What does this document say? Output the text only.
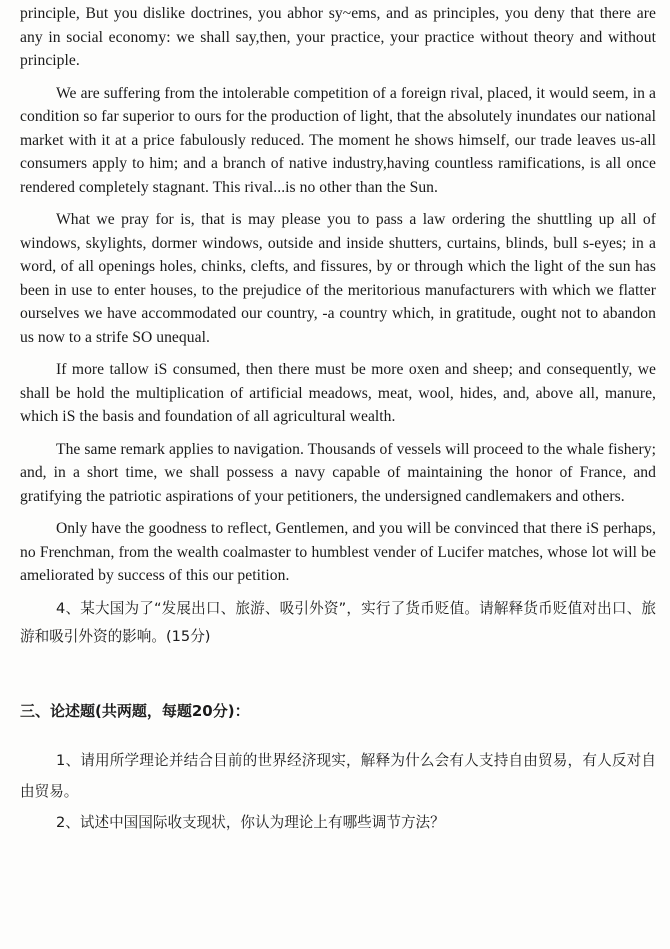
principle, But you dislike doctrines, you abhor sy~ems, and as principles, you deny that there are any in social economy: we shall say,then, your practice, your practice without theory and without principle.

We are suffering from the intolerable competition of a foreign rival, placed, it would seem, in a condition so far superior to ours for the production of light, that the absolutely inundates our national market with it at a price fabulously reduced. The moment he shows himself, our trade leaves us-all consumers apply to him; and a branch of native industry,having countless ramifications, is all once rendered completely stagnant. This rival...is no other than the Sun.

What we pray for is, that is may please you to pass a law ordering the shuttling up all of windows, skylights, dormer windows, outside and inside shutters, curtains, blinds, bull s-eyes; in a word, of all openings holes, chinks, clefts, and fissures, by or through which the light of the sun has been in use to enter houses, to the prejudice of the meritorious manufacturers with which we flatter ourselves we have accommodated our country, -a country which, in gratitude, ought not to abandon us now to a strife SO unequal.

If more tallow iS consumed, then there must be more oxen and sheep; and consequently, we shall be hold the multiplication of artificial meadows, meat, wool, hides, and, above all, manure, which iS the basis and foundation of all agricultural wealth.

The same remark applies to navigation. Thousands of vessels will proceed to the whale fishery; and, in a short time, we shall possess a navy capable of maintaining the honor of France, and gratifying the patriotic aspirations of your petitioners, the undersigned candlemakers and others.

Only have the goodness to reflect, Gentlemen, and you will be convinced that there iS perhaps, no Frenchman, from the wealth coalmaster to humblest vender of Lucifer matches, whose lot will be ameliorated by success of this our petition.

4、某大国为了“发展出口、旅游、吸引外资”，实行了货币贬值。请解释货币贬值对出口、旅游和吸引外资的影响。(15分)

三、论述题(共两题，每题20分)：

1、请用所学理论并结合目前的世界经济现实，解释为什么会有人支持自由贸易，有人反对自由贸易。

2、试述中国国际收支现状，你认为理论上有哪些调节方法？
